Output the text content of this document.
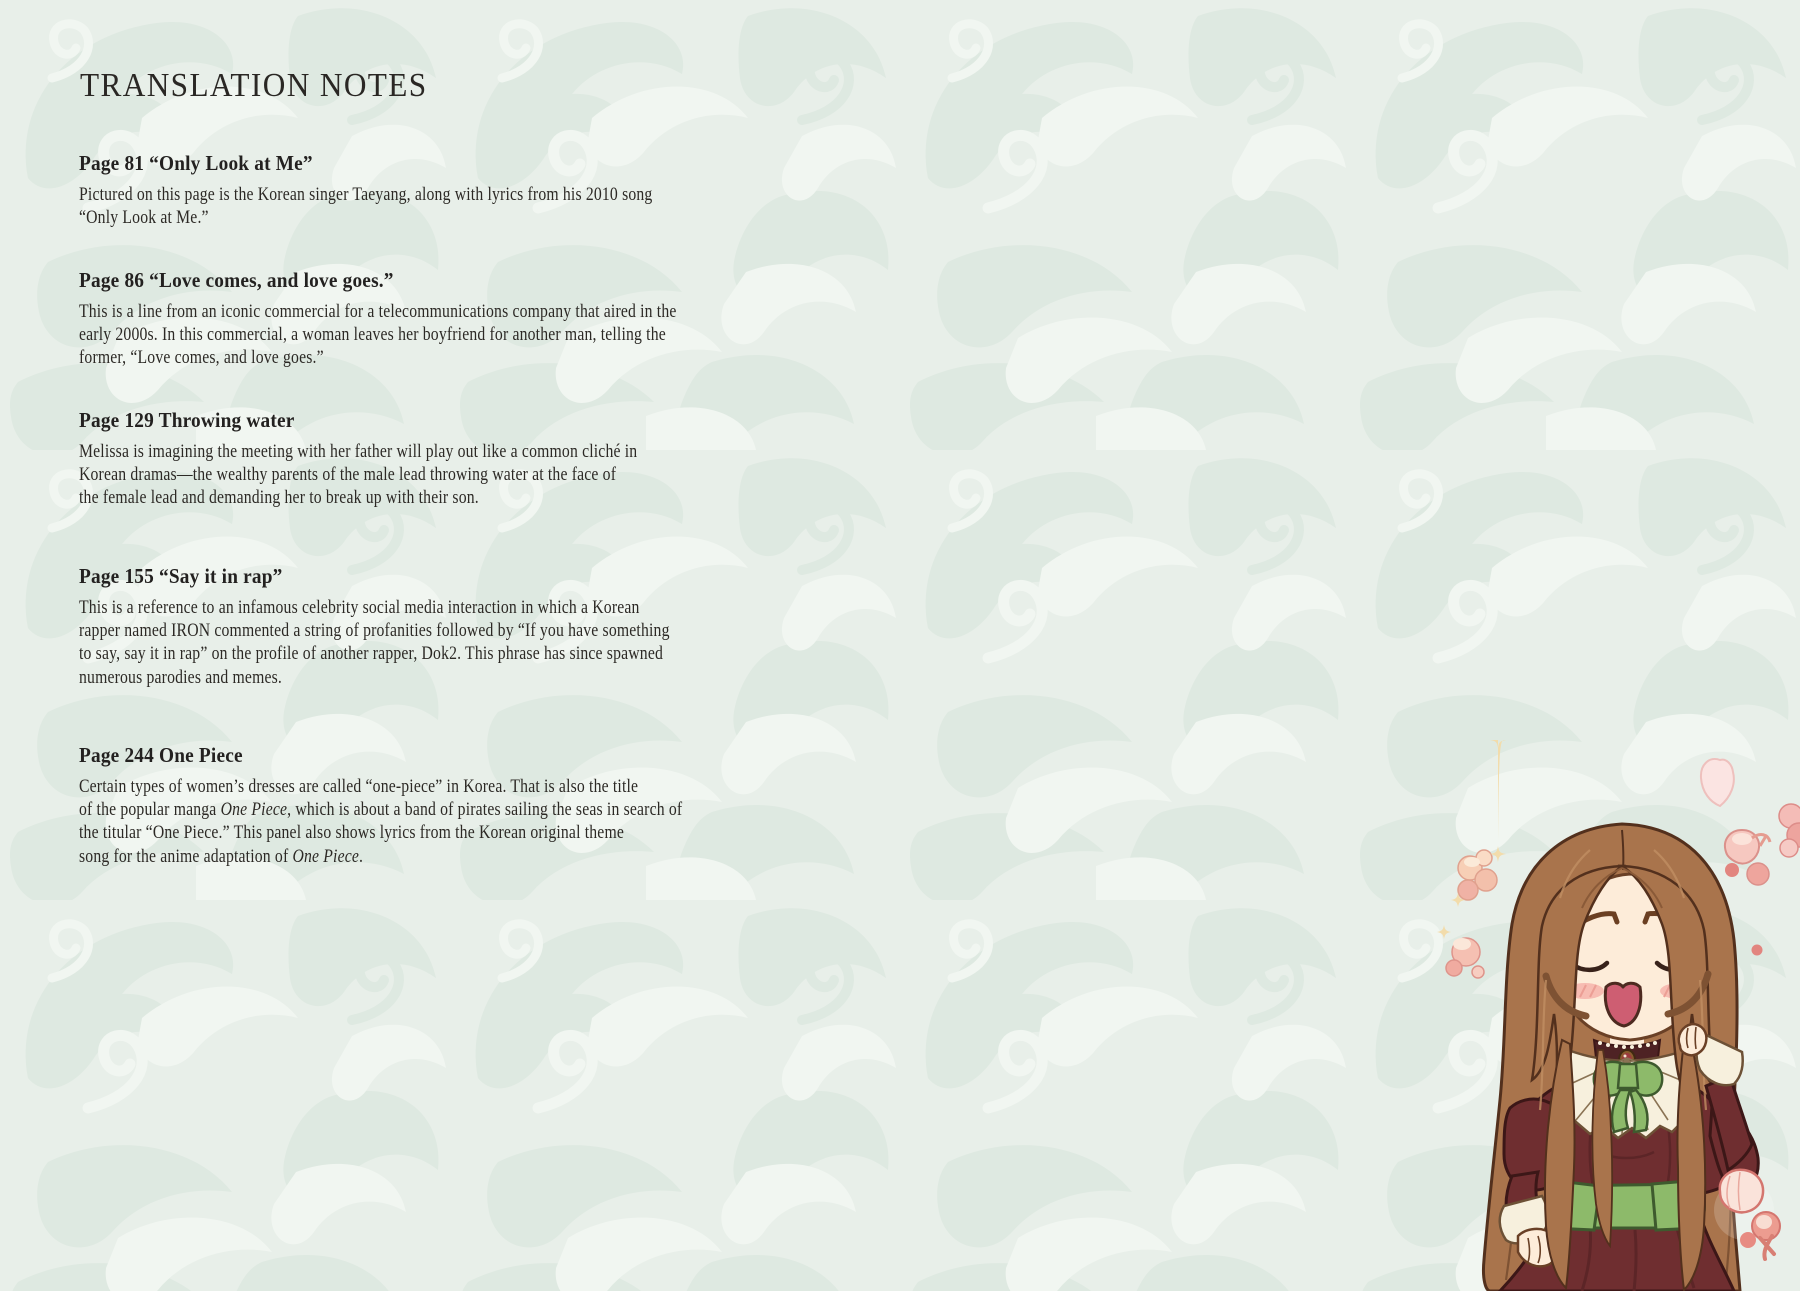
TRANSLATION NOTES
Page 81 “Only Look at Me”
Pictured on this page is the Korean singer Taeyang, along with lyrics from his 2010 song
“Only Look at Me.”
Page 86 “Love comes, and love goes.”
This is a line from an iconic commercial for a telecommunications company that aired in the
early 2000s. In this commercial, a woman leaves her boyfriend for another man, telling the
former, “Love comes, and love goes.”
Page 129 Throwing water
Melissa is imagining the meeting with her father will play out like a common cliché in
Korean dramas—the wealthy parents of the male lead throwing water at the face of
the female lead and demanding her to break up with their son.
Page 155 “Say it in rap”
This is a reference to an infamous celebrity social media interaction in which a Korean
rapper named IRON commented a string of profanities followed by “If you have something
to say, say it in rap” on the profile of another rapper, Dok2. This phrase has since spawned
numerous parodies and memes.
Page 244 One Piece
Certain types of women’s dresses are called “one-piece” in Korea. That is also the title
of the popular manga One Piece, which is about a band of pirates sailing the seas in search of
the titular “One Piece.” This panel also shows lyrics from the Korean original theme
song for the anime adaptation of One Piece.
